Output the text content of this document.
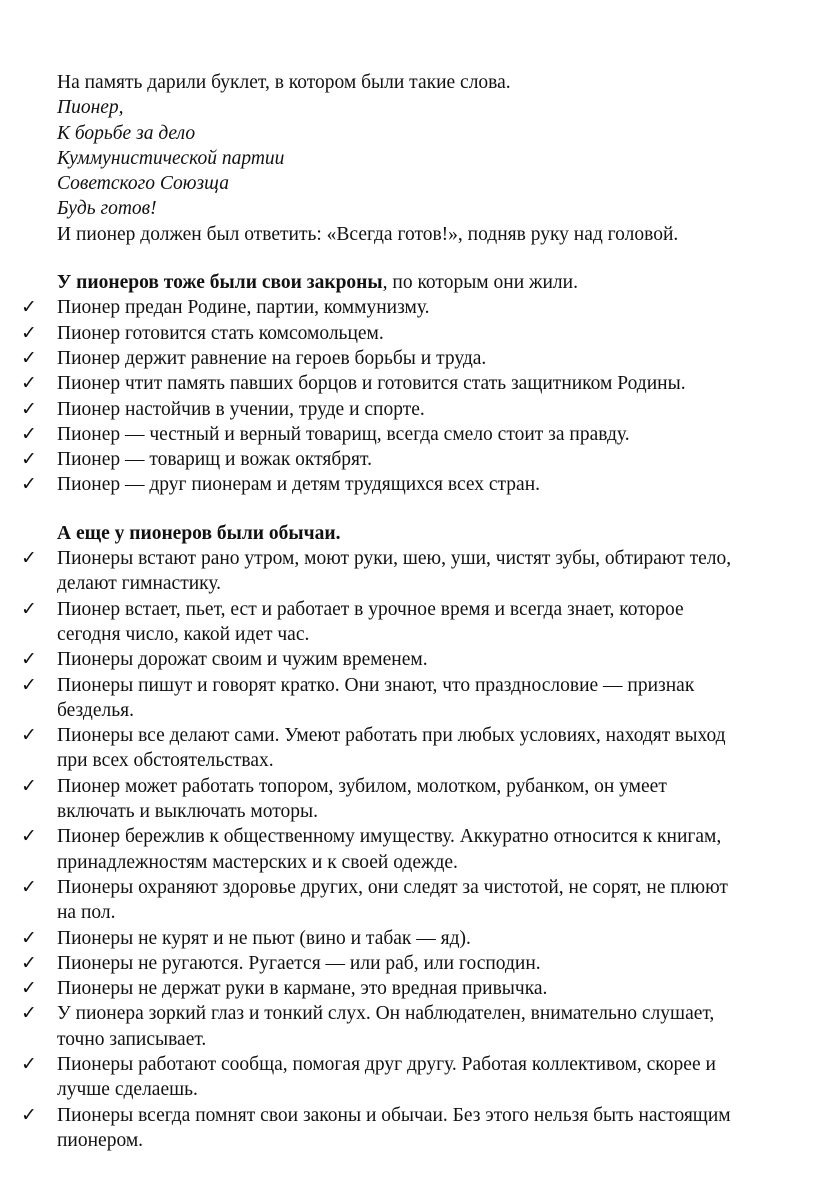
На память дарили буклет, в котором были такие слова.

Пионер,

К борьбе за дело

Куммунистической партии

Советского Союзща

Будь готов!

И пионер должен был ответить: «Всегда готов!», подняв руку над головой.

У пионеров тоже были свои закроны, по которым они жили.

✓	Пионер предан Родине, партии, коммунизму.
✓	Пионер готовится стать комсомольцем.
✓	Пионер держит равнение на героев борьбы и труда.
✓	Пионер чтит память павших борцов и готовится стать защитником Родины.
✓	Пионер настойчив в учении, труде и спорте.
✓	Пионер — честный и верный товарищ, всегда смело стоит за правду.
✓	Пионер — товарищ и вожак октябрят.
✓	Пионер — друг пионерам и детям трудящихся всех стран.

А еще у пионеров были обычаи.

✓	Пионеры встают рано утром, моют руки, шею, уши, чистят зубы, обтирают тело,
делают гимнастику.
✓	Пионер встает, пьет, ест и работает в урочное время и всегда знает, которое
сегодня число, какой идет час.
✓	Пионеры дорожат своим и чужим временем.
✓	Пионеры пишут и говорят кратко. Они знают, что празднословие — признак
безделья.
✓	Пионеры все делают сами. Умеют работать при любых условиях, находят выход
при всех обстоятельствах.
✓	Пионер может работать топором, зубилом, молотком, рубанком, он умеет
включать и выключать моторы.
✓	Пионер бережлив к общественному имуществу. Аккуратно относится к книгам,
принадлежностям мастерских и к своей одежде.
✓	Пионеры охраняют здоровье других, они следят за чистотой, не сорят, не плюют
на пол.
✓	Пионеры не курят и не пьют (вино и табак — яд).
✓	Пионеры не ругаются. Ругается — или раб, или господин.
✓	Пионеры не держат руки в кармане, это вредная привычка.
✓	У пионера зоркий глаз и тонкий слух. Он наблюдателен, внимательно слушает,
точно записывает.
✓	Пионеры работают сообща, помогая друг другу. Работая коллективом, скорее и
лучше сделаешь.
✓	Пионеры всегда помнят свои законы и обычаи. Без этого нельзя быть настоящим
пионером.
